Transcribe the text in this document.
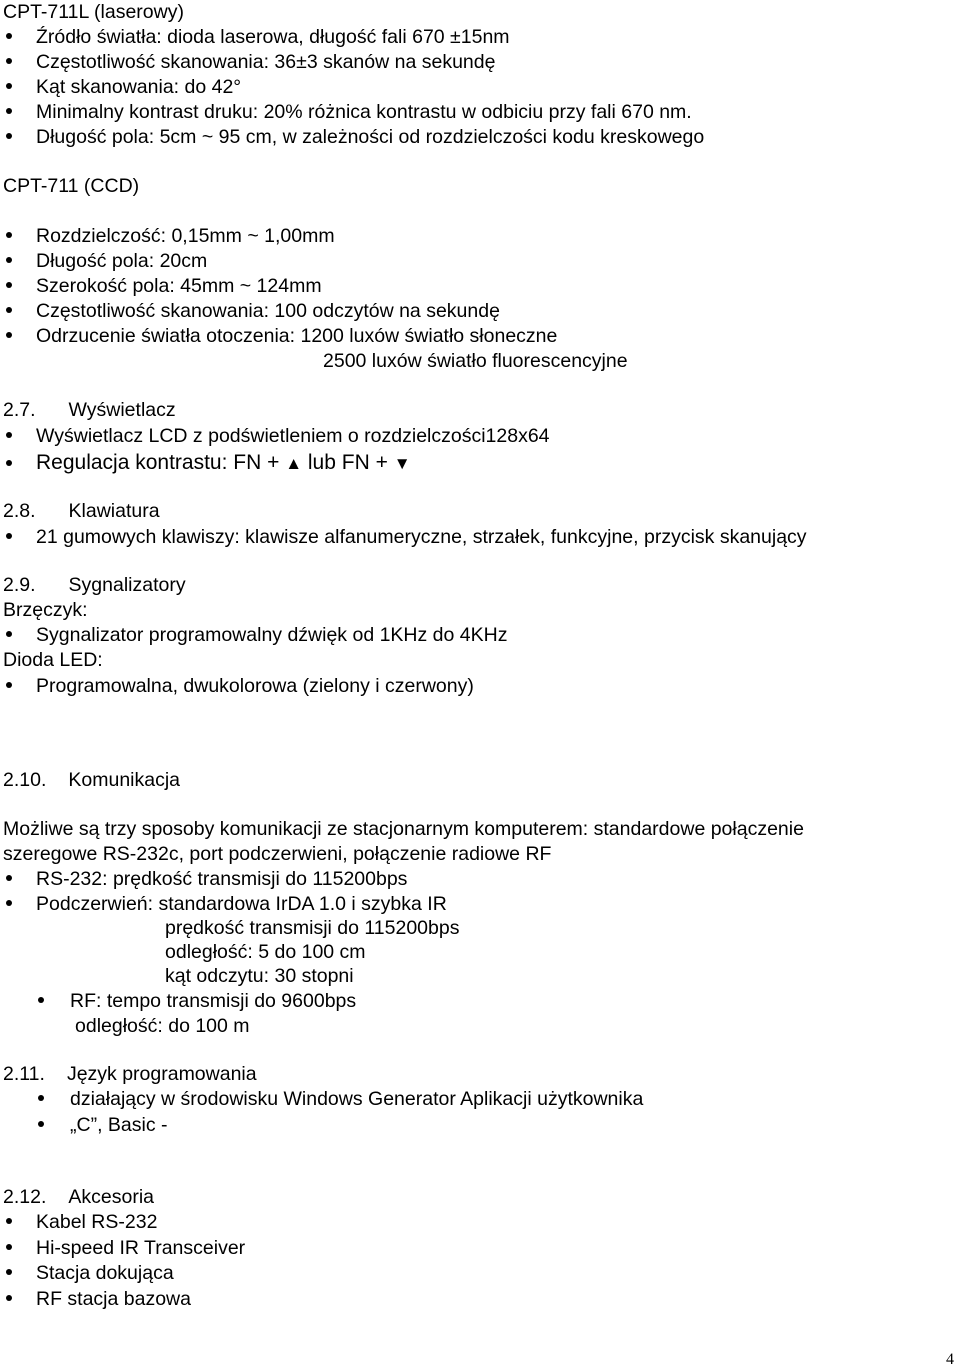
CPT-711L (laserowy)
Źródło światła: dioda laserowa, długość fali 670 ±15nm
Częstotliwość skanowania: 36±3 skanów na sekundę
Kąt skanowania: do 42°
Minimalny kontrast druku: 20% różnica kontrastu w odbiciu przy fali 670 nm.
Długość pola: 5cm ~ 95 cm, w zależności od rozdzielczości kodu kreskowego
CPT-711 (CCD)
Rozdzielczość: 0,15mm ~ 1,00mm
Długość pola: 20cm
Szerokość pola: 45mm ~ 124mm
Częstotliwość skanowania: 100 odczytów na sekundę
Odrzucenie światła otoczenia: 1200 luxów światło słoneczne
2500 luxów światło fluorescencyjne
2.7. Wyświetlacz
Wyświetlacz LCD z podświetleniem o rozdzielczości128x64
Regulacja kontrastu: FN + ▲ lub FN + ▼
2.8. Klawiatura
21 gumowych klawiszy: klawisze alfanumeryczne, strzałek, funkcyjne, przycisk skanujący
2.9. Sygnalizatory
Brzęczyk:
Sygnalizator programowalny dźwięk od 1KHz do 4KHz
Dioda LED:
Programowalna, dwukolorowa (zielony i czerwony)
2.10. Komunikacja
Możliwe są trzy sposoby komunikacji ze stacjonarnym komputerem: standardowe połączenie
szeregowe RS-232c, port podczerwieni, połączenie radiowe RF
RS-232: prędkość transmisji do 115200bps
Podczerwień: standardowa IrDA 1.0 i szybka IR
prędkość transmisji do 115200bps
odległość: 5 do 100 cm
kąt odczytu: 30 stopni
RF: tempo transmisji do 9600bps
odległość: do 100 m
2.11. Język programowania
działający w środowisku Windows Generator Aplikacji użytkownika
„C”, Basic -
2.12. Akcesoria
Kabel RS-232
Hi-speed IR Transceiver
Stacja dokująca
RF stacja bazowa
4
